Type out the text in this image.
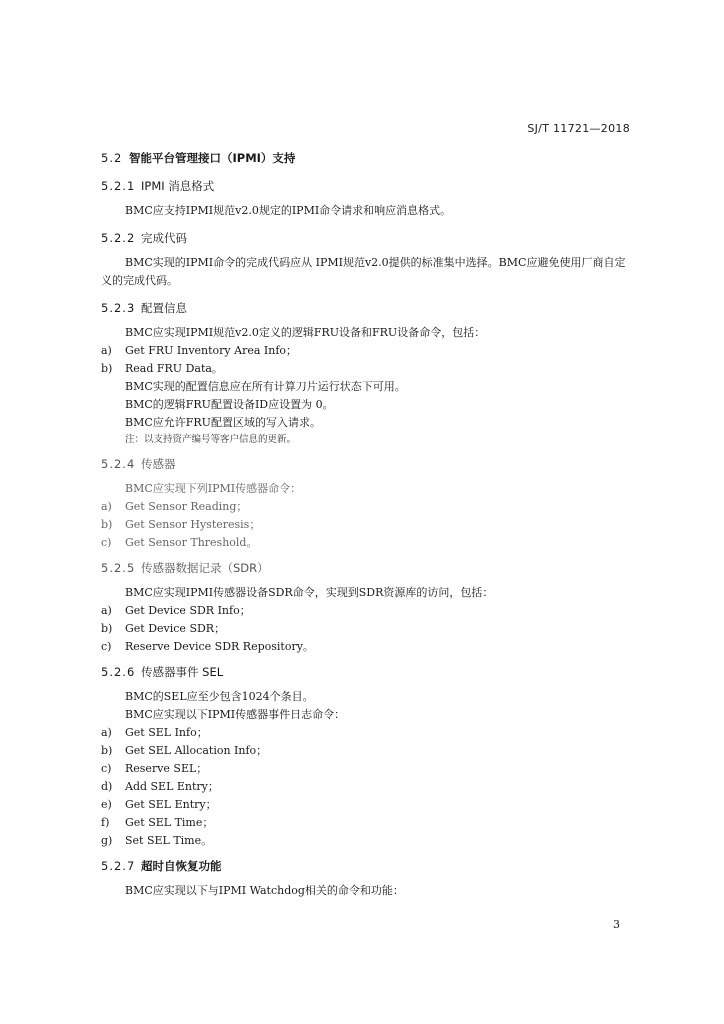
SJ/T 11721—2018
5.2 智能平台管理接口（IPMI）支持
5.2.1 IPMI 消息格式

BMC应支持IPMI规范v2.0规定的IPMI命令请求和响应消息格式。

5.2.2 完成代码

BMC实现的IPMI命令的完成代码应从 IPMI规范v2.0提供的标准集中选择。BMC应避免使用厂商自定义的完成代码。

5.2.3 配置信息

BMC应实现IPMI规范v2.0定义的逻辑FRU设备和FRU设备命令，包括：

a)	Get FRU Inventory Area Info；
b)	Read FRU Data。

BMC实现的配置信息应在所有计算刀片运行状态下可用。

BMC的逻辑FRU配置设备ID应设置为 0。

BMC应允许FRU配置区域的写入请求。

注：以支持资产编号等客户信息的更新。

5.2.4 传感器

BMC应实现下列IPMI传感器命令：

a)	Get Sensor Reading；
b)	Get Sensor Hysteresis；
c)	Get Sensor Threshold。
5.2.5 传感器数据记录（SDR）

BMC应实现IPMI传感器设备SDR命令，实现到SDR资源库的访问，包括：

a)	Get Device SDR Info；
b)	Get Device SDR；
c)	Reserve Device SDR Repository。
5.2.6 传感器事件 SEL

BMC的SEL应至少包含1024个条目。

BMC应实现以下IPMI传感器事件日志命令：

a)	Get SEL Info；
b)	Get SEL Allocation Info；
c)	Reserve SEL；
d)	Add SEL Entry；
e)	Get SEL Entry；
f)	Get SEL Time；
g)	Set SEL Time。
5.2.7 超时自恢复功能

BMC应实现以下与IPMI Watchdog相关的命令和功能：

3
